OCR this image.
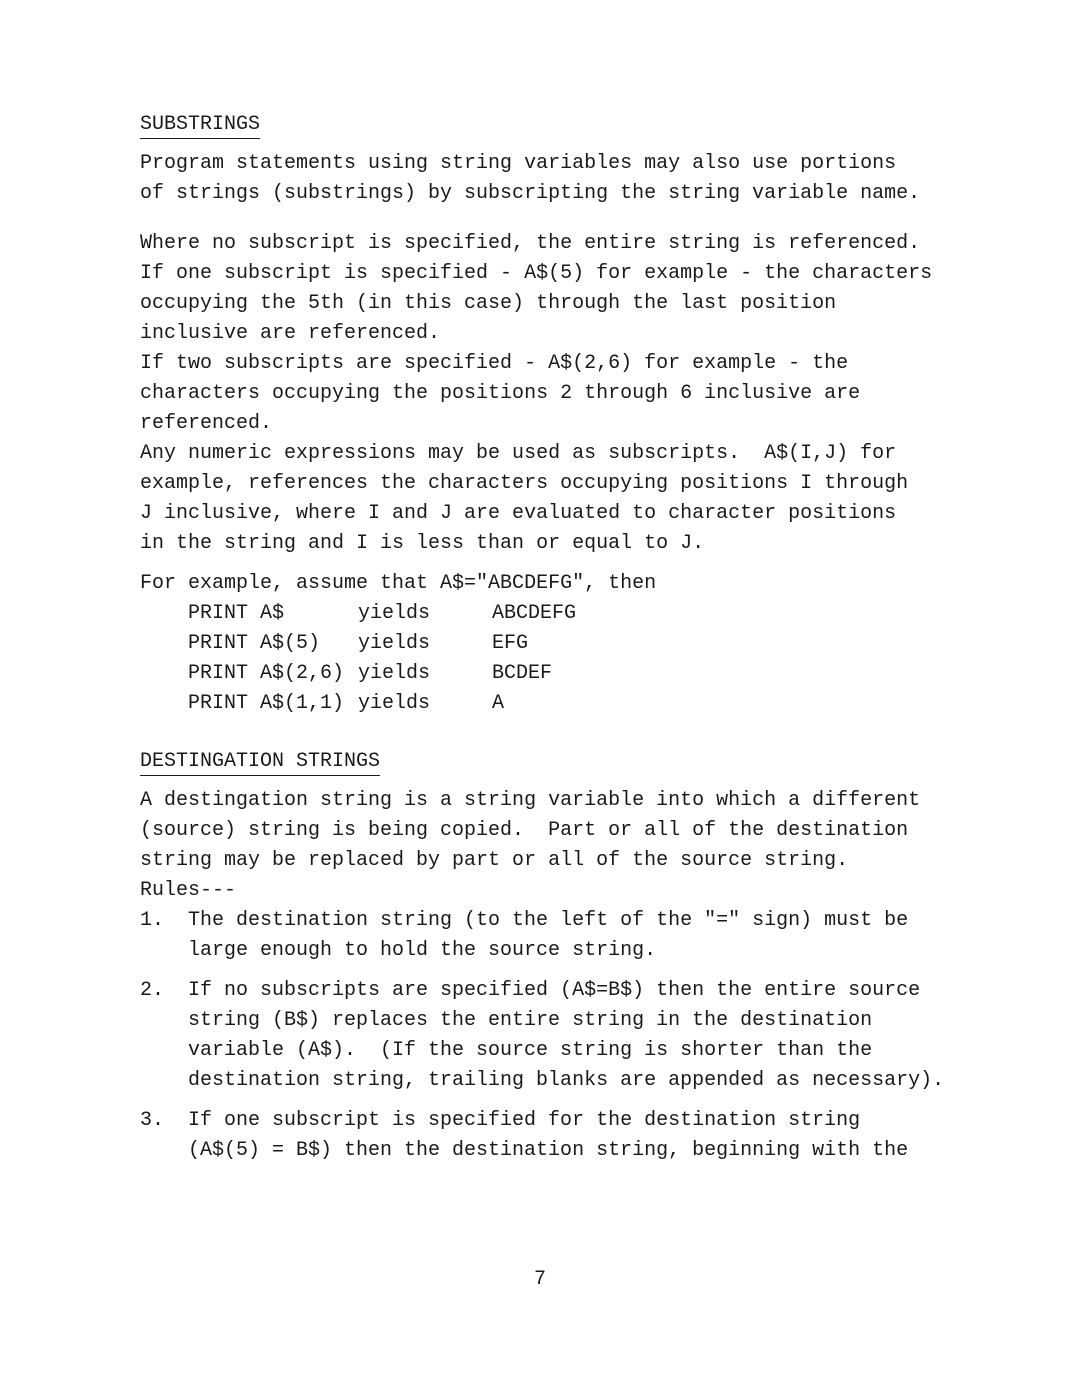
SUBSTRINGS
Program statements using string variables may also use portions
of strings (substrings) by subscripting the string variable name.
Where no subscript is specified, the entire string is referenced.
If one subscript is specified - A$(5) for example - the characters
occupying the 5th (in this case) through the last position
inclusive are referenced.
If two subscripts are specified - A$(2,6) for example - the
characters occupying the positions 2 through 6 inclusive are
referenced.
Any numeric expressions may be used as subscripts.  A$(I,J) for
example, references the characters occupying positions I through
J inclusive, where I and J are evaluated to character positions
in the string and I is less than or equal to J.
For example, assume that A$="ABCDEFG", then
PRINT A$	yields	ABCDEFG
PRINT A$(5)	yields	EFG
PRINT A$(2,6) yields	BCDEF
PRINT A$(1,1) yields	A
DESTINGATION STRINGS
A destingation string is a string variable into which a different
(source) string is being copied.  Part or all of the destination
string may be replaced by part or all of the source string.
Rules---
1.	The destination string (to the left of the "=" sign) must be
large enough to hold the source string.
2.	If no subscripts are specified (A$=B$) then the entire source
string (B$) replaces the entire string in the destination
variable (A$).  (If the source string is shorter than the
destination string, trailing blanks are appended as necessary).
3.	If one subscript is specified for the destination string
(A$(5) = B$) then the destination string, beginning with the
7
